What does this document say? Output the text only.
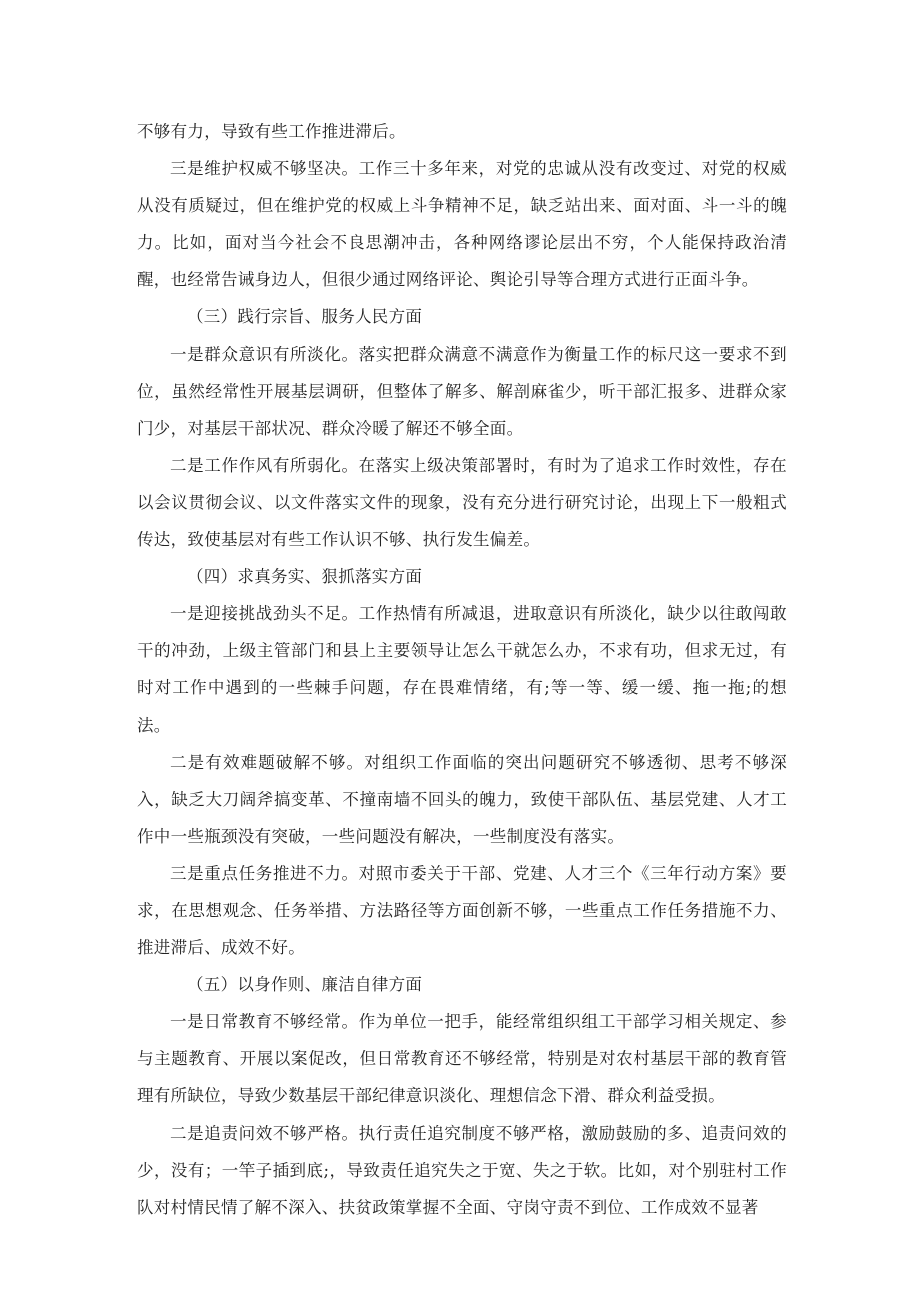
不够有力，导致有些工作推进滞后。

三是维护权威不够坚决。工作三十多年来，对党的忠诚从没有改变过、对党的权威从没有质疑过，但在维护党的权威上斗争精神不足，缺乏站出来、面对面、斗一斗的魄力。比如，面对当今社会不良思潮冲击，各种网络谬论层出不穷，个人能保持政治清醒，也经常告诫身边人，但很少通过网络评论、舆论引导等合理方式进行正面斗争。

（三）践行宗旨、服务人民方面

一是群众意识有所淡化。落实把群众满意不满意作为衡量工作的标尺这一要求不到位，虽然经常性开展基层调研，但整体了解多、解剖麻雀少，听干部汇报多、进群众家门少，对基层干部状况、群众冷暖了解还不够全面。

二是工作作风有所弱化。在落实上级决策部署时，有时为了追求工作时效性，存在以会议贯彻会议、以文件落实文件的现象，没有充分进行研究讨论，出现上下一般粗式传达，致使基层对有些工作认识不够、执行发生偏差。

（四）求真务实、狠抓落实方面

一是迎接挑战劲头不足。工作热情有所减退，进取意识有所淡化，缺少以往敢闯敢干的冲劲，上级主管部门和县上主要领导让怎么干就怎么办，不求有功，但求无过，有时对工作中遇到的一些棘手问题，存在畏难情绪，有;等一等、缓一缓、拖一拖;的想法。

二是有效难题破解不够。对组织工作面临的突出问题研究不够透彻、思考不够深入，缺乏大刀阔斧搞变革、不撞南墙不回头的魄力，致使干部队伍、基层党建、人才工作中一些瓶颈没有突破，一些问题没有解决，一些制度没有落实。

三是重点任务推进不力。对照市委关于干部、党建、人才三个《三年行动方案》要求，在思想观念、任务举措、方法路径等方面创新不够，一些重点工作任务措施不力、推进滞后、成效不好。

（五）以身作则、廉洁自律方面

一是日常教育不够经常。作为单位一把手，能经常组织组工干部学习相关规定、参与主题教育、开展以案促改，但日常教育还不够经常，特别是对农村基层干部的教育管理有所缺位，导致少数基层干部纪律意识淡化、理想信念下滑、群众利益受损。

二是追责问效不够严格。执行责任追究制度不够严格，激励鼓励的多、追责问效的少，没有；一竿子插到底;，导致责任追究失之于宽、失之于软。比如，对个别驻村工作队对村情民情了解不深入、扶贫政策掌握不全面、守岗守责不到位、工作成效不显著
